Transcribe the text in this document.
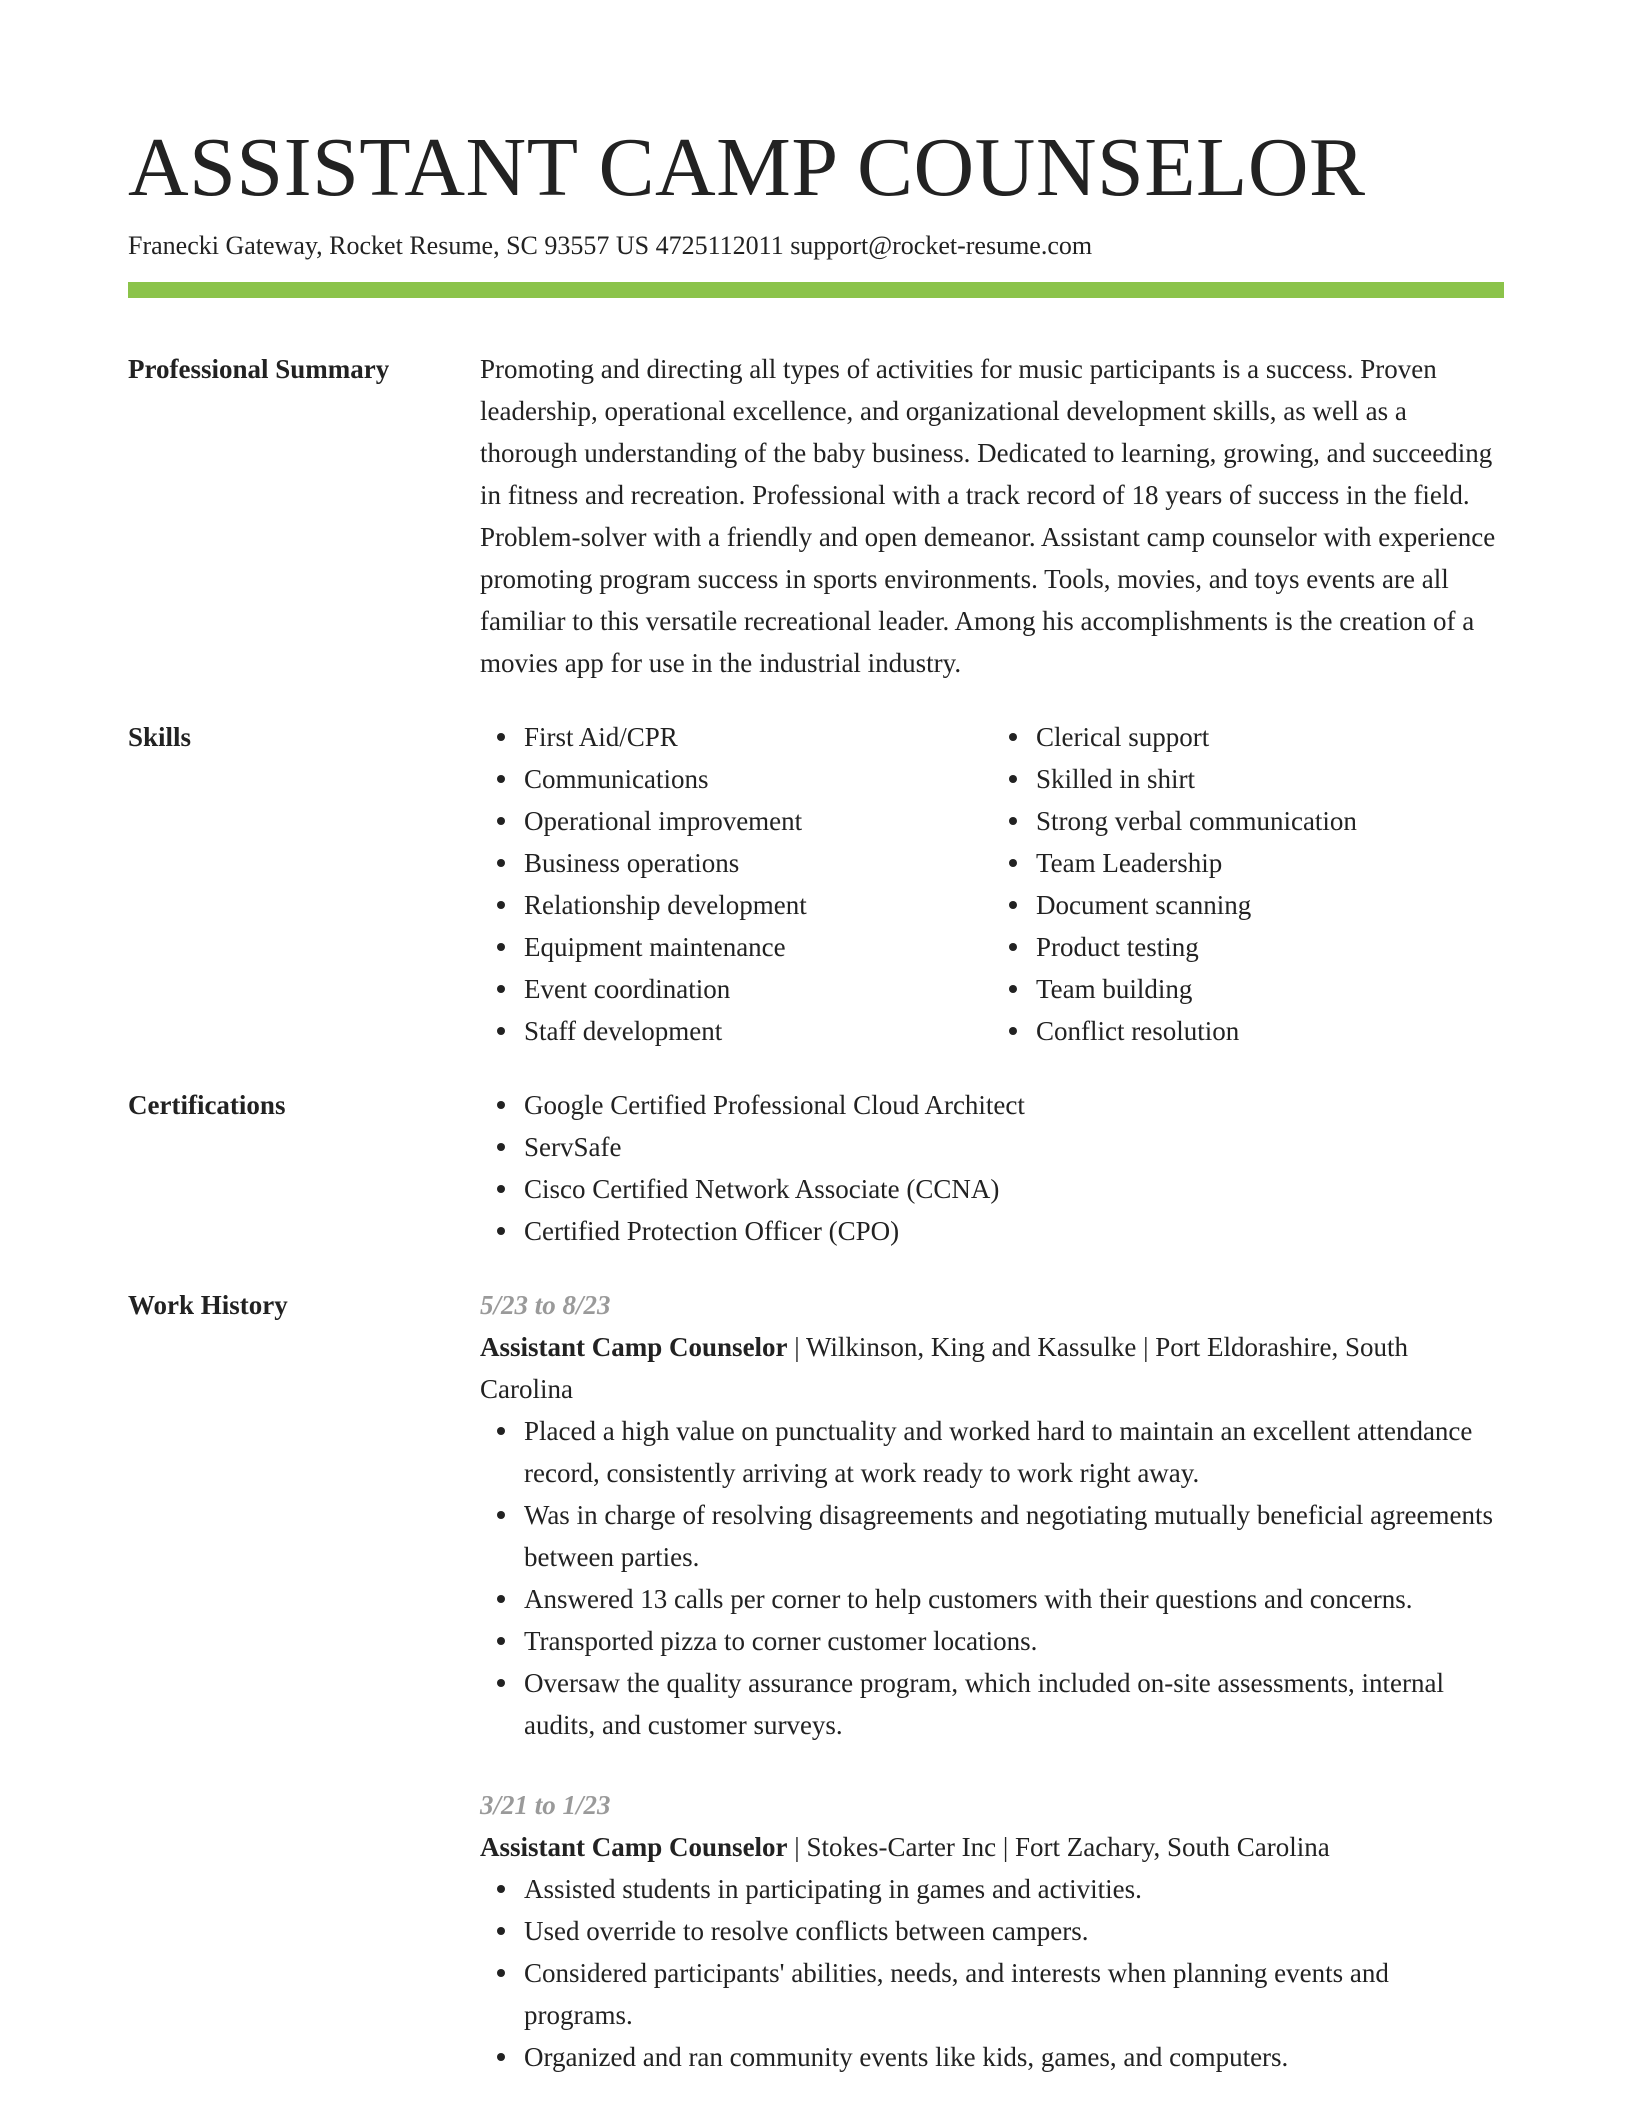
ASSISTANT CAMP COUNSELOR
Franecki Gateway, Rocket Resume, SC 93557 US 4725112011 support@rocket-resume.com
Professional Summary	Promoting and directing all types of activities for music participants is a success. Proven leadership, operational excellence, and organizational development skills, as well as a thorough understanding of the baby business. Dedicated to learning, growing, and succeeding in fitness and recreation. Professional with a track record of 18 years of success in the field. Problem-solver with a friendly and open demeanor. Assistant camp counselor with experience promoting program success in sports environments. Tools, movies, and toys events are all familiar to this versatile recreational leader. Among his accomplishments is the creation of a movies app for use in the industrial industry.
Skills	First Aid/CPR
Communications
Operational improvement
Business operations
Relationship development
Equipment maintenance
Event coordination
Staff development
Clerical support
Skilled in shirt
Strong verbal communication
Team Leadership
Document scanning
Product testing
Team building
Conflict resolution
Certifications	Google Certified Professional Cloud Architect
ServSafe
Cisco Certified Network Associate (CCNA)
Certified Protection Officer (CPO)
Work History	5/23 to 8/23
Assistant Camp Counselor | Wilkinson, King and Kassulke | Port Eldorashire, South Carolina
Placed a high value on punctuality and worked hard to maintain an excellent attendance record, consistently arriving at work ready to work right away.
Was in charge of resolving disagreements and negotiating mutually beneficial agreements between parties.
Answered 13 calls per corner to help customers with their questions and concerns.
Transported pizza to corner customer locations.
Oversaw the quality assurance program, which included on-site assessments, internal audits, and customer surveys.
3/21 to 1/23
Assistant Camp Counselor | Stokes-Carter Inc | Fort Zachary, South Carolina
Assisted students in participating in games and activities.
Used override to resolve conflicts between campers.
Considered participants' abilities, needs, and interests when planning events and programs.
Organized and ran community events like kids, games, and computers.
